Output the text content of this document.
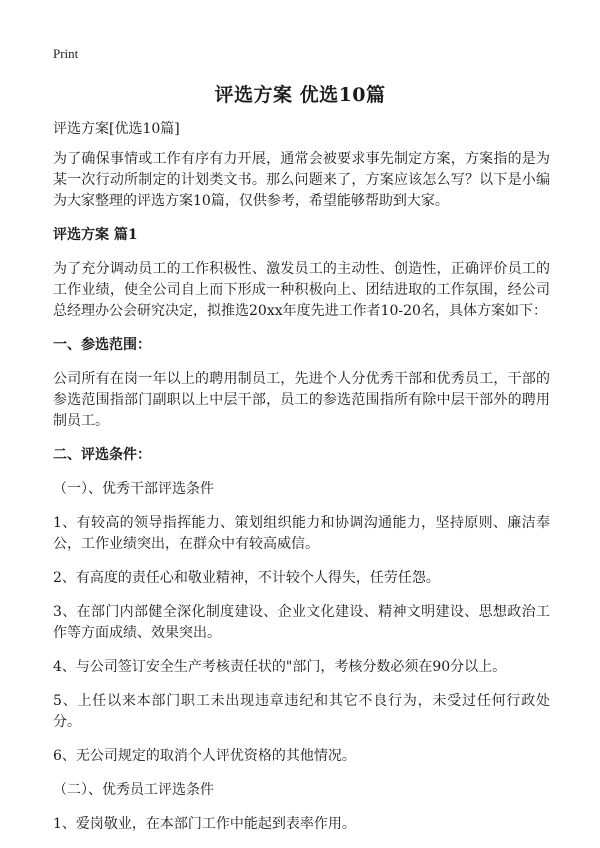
Print
评选方案 优选10篇

评选方案[优选10篇]

为了确保事情或工作有序有力开展，通常会被要求事先制定方案，方案指的是为某一次行动所制定的计划类文书。那么问题来了，方案应该怎么写？以下是小编为大家整理的评选方案10篇，仅供参考，希望能够帮助到大家。

评选方案 篇1

为了充分调动员工的工作积极性、激发员工的主动性、创造性，正确评价员工的工作业绩，使全公司自上而下形成一种积极向上、团结进取的工作氛围，经公司总经理办公会研究决定，拟推选20xx年度先进工作者10-20名，具体方案如下：

一、参选范围：

公司所有在岗一年以上的聘用制员工，先进个人分优秀干部和优秀员工，干部的参选范围指部门副职以上中层干部，员工的参选范围指所有除中层干部外的聘用制员工。

二、评选条件：

（一）、优秀干部评选条件

1、有较高的领导指挥能力、策划组织能力和协调沟通能力，坚持原则、廉洁奉公，工作业绩突出，在群众中有较高威信。

2、有高度的责任心和敬业精神，不计较个人得失，任劳任怨。

3、在部门内部健全深化制度建设、企业文化建设、精神文明建设、思想政治工作等方面成绩、效果突出。

4、与公司签订安全生产考核责任状的"部门，考核分数必须在90分以上。

5、上任以来本部门职工未出现违章违纪和其它不良行为，未受过任何行政处分。

6、无公司规定的取消个人评优资格的其他情况。

（二）、优秀员工评选条件

1、爱岗敬业，在本部门工作中能起到表率作用。
